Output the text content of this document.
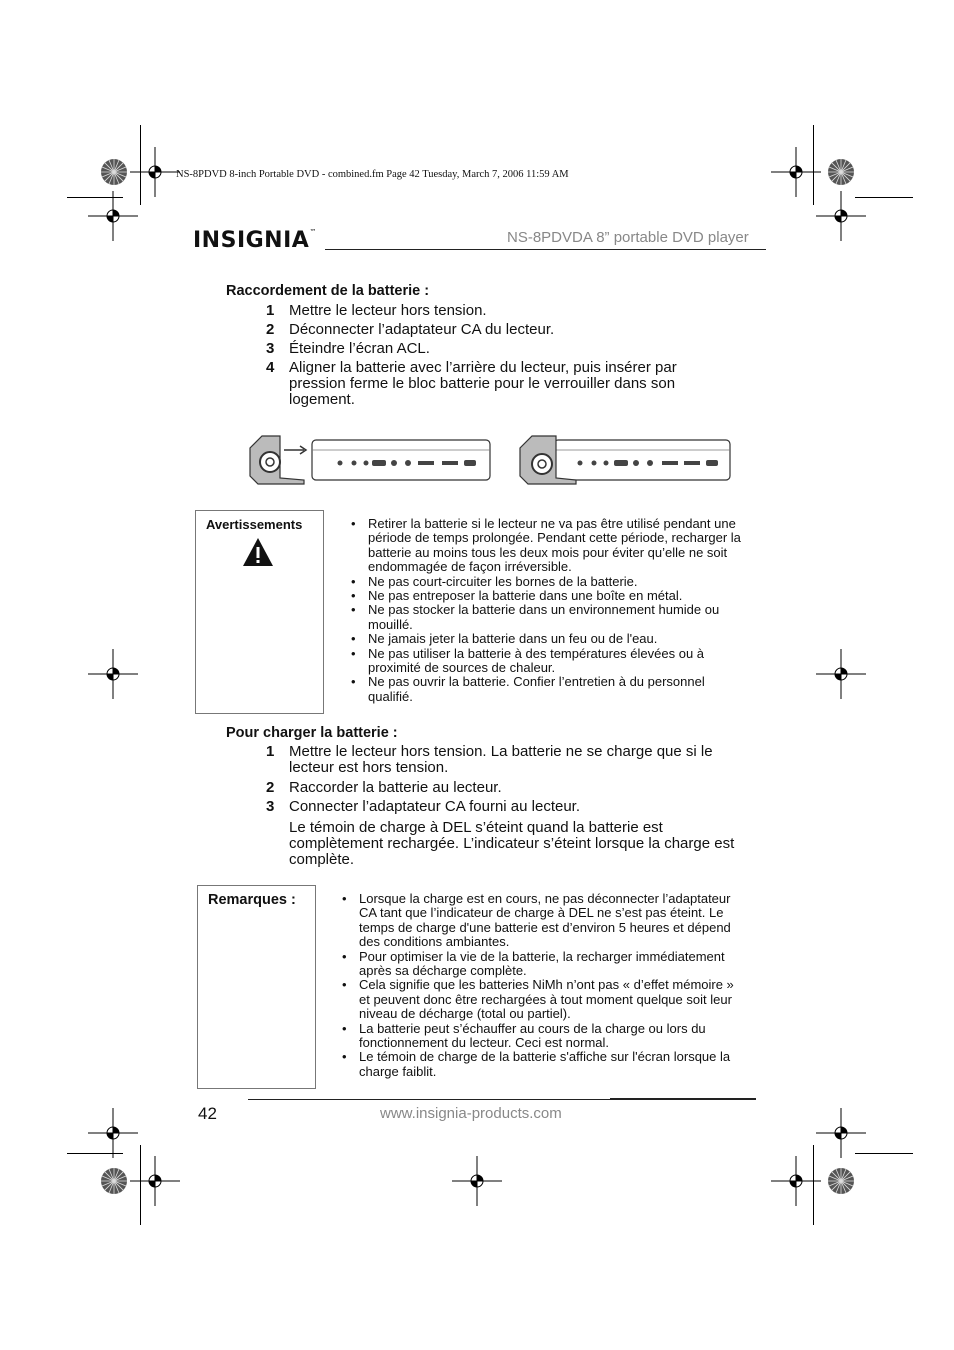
NS-8PDVD 8-inch Portable DVD - combined.fm Page 42 Tuesday, March 7, 2006 11:59 AM
INSIGNIA™	NS-8PDVDA 8” portable DVD player
Raccordement de la batterie :
1 Mettre le lecteur hors tension.
2 Déconnecter l’adaptateur CA du lecteur.
3 Éteindre l’écran ACL.
4 Aligner la batterie avec l’arrière du lecteur, puis insérer par pression ferme le bloc batterie pour le verrouiller dans son logement.
Avertissements	• Retirer la batterie si le lecteur ne va pas être utilisé pendant une période de temps prolongée. Pendant cette période, recharger la batterie au moins tous les deux mois pour éviter qu’elle ne soit endommagée de façon irréversible.
• Ne pas court-circuiter les bornes de la batterie.
• Ne pas entreposer la batterie dans une boîte en métal.
• Ne pas stocker la batterie dans un environnement humide ou mouillé.
• Ne jamais jeter la batterie dans un feu ou de l'eau.
• Ne pas utiliser la batterie à des températures élevées ou à proximité de sources de chaleur.
• Ne pas ouvrir la batterie. Confier l’entretien à du personnel qualifié.
Pour charger la batterie :
1 Mettre le lecteur hors tension. La batterie ne se charge que si le lecteur est hors tension.
2 Raccorder la batterie au lecteur.
3 Connecter l’adaptateur CA fourni au lecteur.
Le témoin de charge à DEL s’éteint quand la batterie est complètement rechargée. L’indicateur s’éteint lorsque la charge est complète.
Remarques :	• Lorsque la charge est en cours, ne pas déconnecter l’adaptateur CA tant que l’indicateur de charge à DEL ne s’est pas éteint. Le temps de charge d'une batterie est d’environ 5 heures et dépend des conditions ambiantes.
• Pour optimiser la vie de la batterie, la recharger immédiatement après sa décharge complète.
• Cela signifie que les batteries NiMh n’ont pas « d’effet mémoire » et peuvent donc être rechargées à tout moment quelque soit leur niveau de décharge (total ou partiel).
• La batterie peut s’échauffer au cours de la charge ou lors du fonctionnement du lecteur. Ceci est normal.
• Le témoin de charge de la batterie s'affiche sur l'écran lorsque la charge faiblit.
42	www.insignia-products.com
